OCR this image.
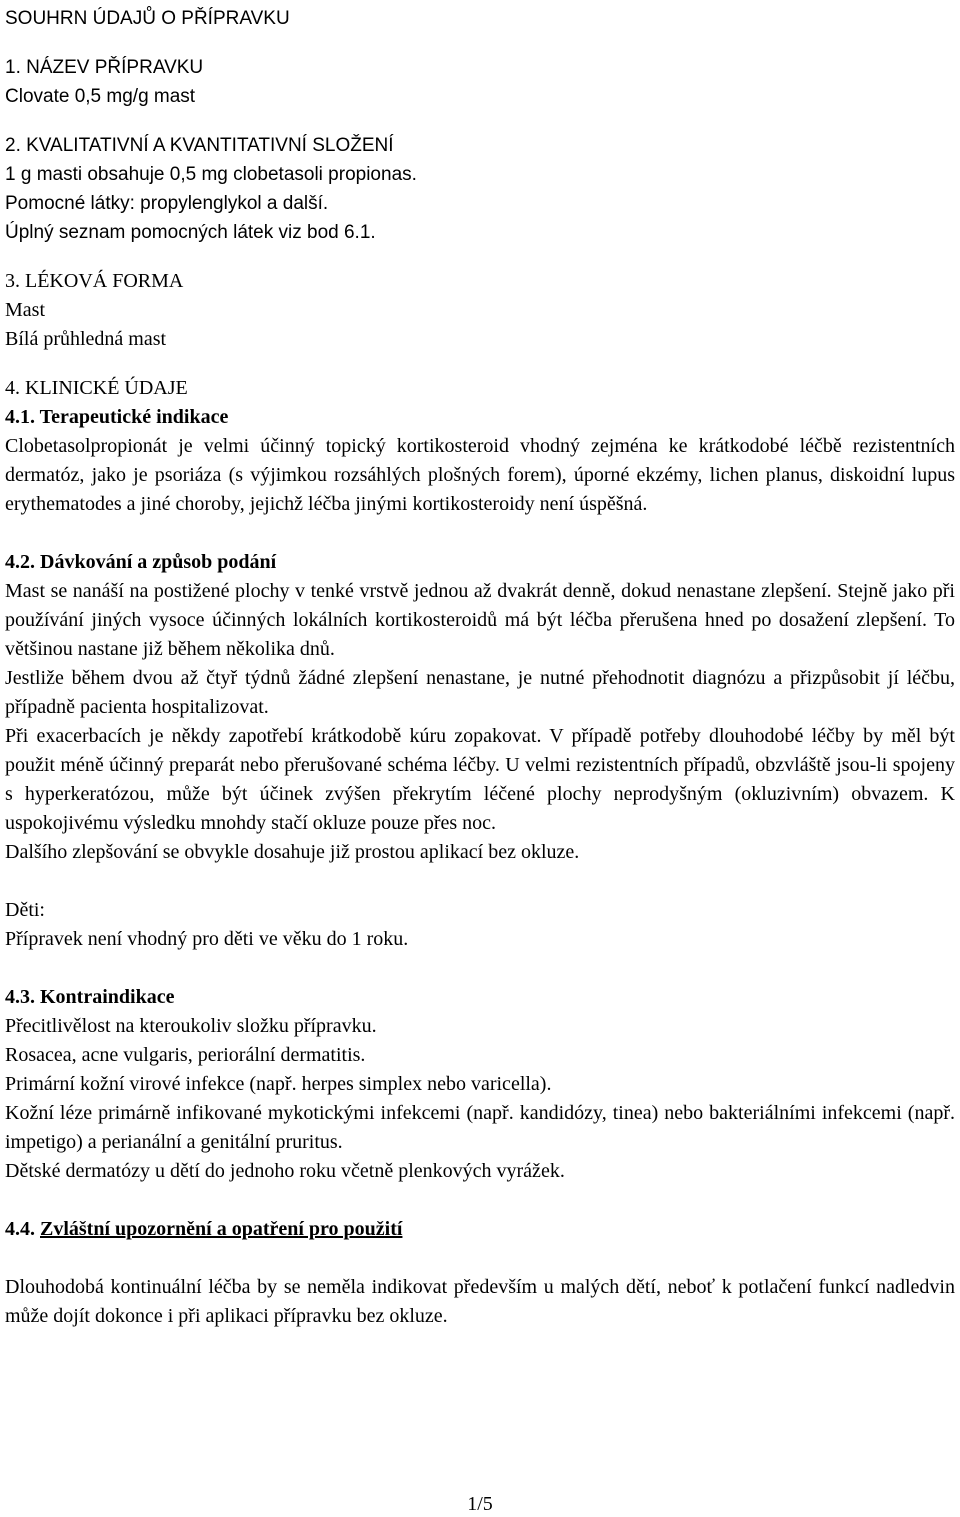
SOUHRN ÚDAJŮ O PŘÍPRAVKU
1. NÁZEV PŘÍPRAVKU
Clovate 0,5 mg/g mast
2. KVALITATIVNÍ A KVANTITATIVNÍ SLOŽENÍ
1 g masti obsahuje 0,5 mg clobetasoli propionas.
Pomocné látky: propylenglykol a další.
Úplný seznam pomocných látek viz bod 6.1.
3. LÉKOVÁ FORMA
Mast
Bílá průhledná mast
4. KLINICKÉ ÚDAJE
4.1. Terapeutické indikace
Clobetasolpropionát je velmi účinný topický kortikosteroid vhodný zejména ke krátkodobé léčbě rezistentních dermatóz, jako je psoriáza (s výjimkou rozsáhlých plošných forem), úporné ekzémy, lichen planus, diskoidní lupus erythematodes a jiné choroby, jejichž léčba jinými kortikosteroidy není úspěšná.
4.2. Dávkování a způsob podání
Mast se nanáší na postižené plochy v tenké vrstvě jednou až dvakrát denně, dokud nenastane zlepšení. Stejně jako při používání jiných vysoce účinných lokálních kortikosteroidů má být léčba přerušena hned po dosažení zlepšení. To většinou nastane již během několika dnů.
Jestliže během dvou až čtyř týdnů žádné zlepšení nenastane, je nutné přehodnotit diagnózu a přizpůsobit jí léčbu, případně pacienta hospitalizovat.
Při exacerbacích je někdy zapotřebí krátkodobě kúru zopakovat. V případě potřeby dlouhodobé léčby by měl být použit méně účinný preparát nebo přerušované schéma léčby. U velmi rezistentních případů, obzvláště jsou-li spojeny s hyperkeratózou, může být účinek zvýšen překrytím léčené plochy neprodyšným (okluzivním) obvazem. K uspokojivému výsledku mnohdy stačí okluze pouze přes noc.
Dalšího zlepšování se obvykle dosahuje již prostou aplikací bez okluze.
Děti:
Přípravek není vhodný pro děti ve věku do 1 roku.
4.3. Kontraindikace
Přecitlivělost na kteroukoliv složku přípravku.
Rosacea, acne vulgaris, periorální dermatitis.
Primární kožní virové infekce (např. herpes simplex nebo varicella).
Kožní léze primárně infikované mykotickými infekcemi (např. kandidózy, tinea) nebo bakteriálními infekcemi (např. impetigo) a perianální a genitální pruritus.
Dětské dermatózy u dětí do jednoho roku včetně plenkových vyrážek.
4.4. Zvláštní upozornění a opatření pro použití
Dlouhodobá kontinuální léčba by se neměla indikovat především u malých dětí, neboť k potlačení funkcí nadledvin může dojít dokonce i při aplikaci přípravku bez okluze.
1/5
